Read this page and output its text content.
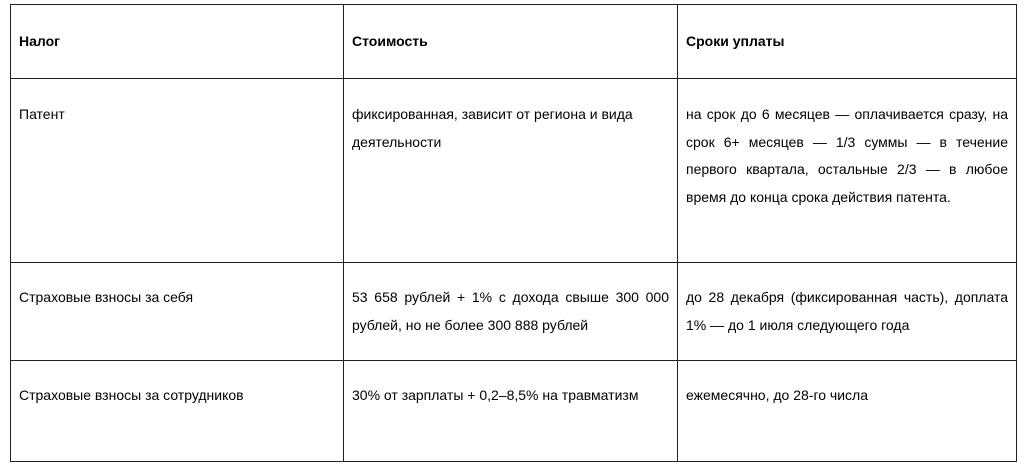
Налог	Стоимость	Сроки уплаты

Патент	фиксированная, зависит от региона и вида деятельности	на срок до 6 месяцев — оплачивается сразу, на срок 6+ месяцев — 1/3 суммы — в течение первого квартала, остальные 2/3 — в любое время до конца срока действия патента.

Страховые взносы за себя	53 658 рублей + 1% с дохода свыше 300 000 рублей, но не более 300 888 рублей	до 28 декабря (фиксированная часть), доплата 1% — до 1 июля следующего года

Страховые взносы за сотрудников	30% от зарплаты + 0,2–8,5% на травматизм	ежемесячно, до 28-го числа
